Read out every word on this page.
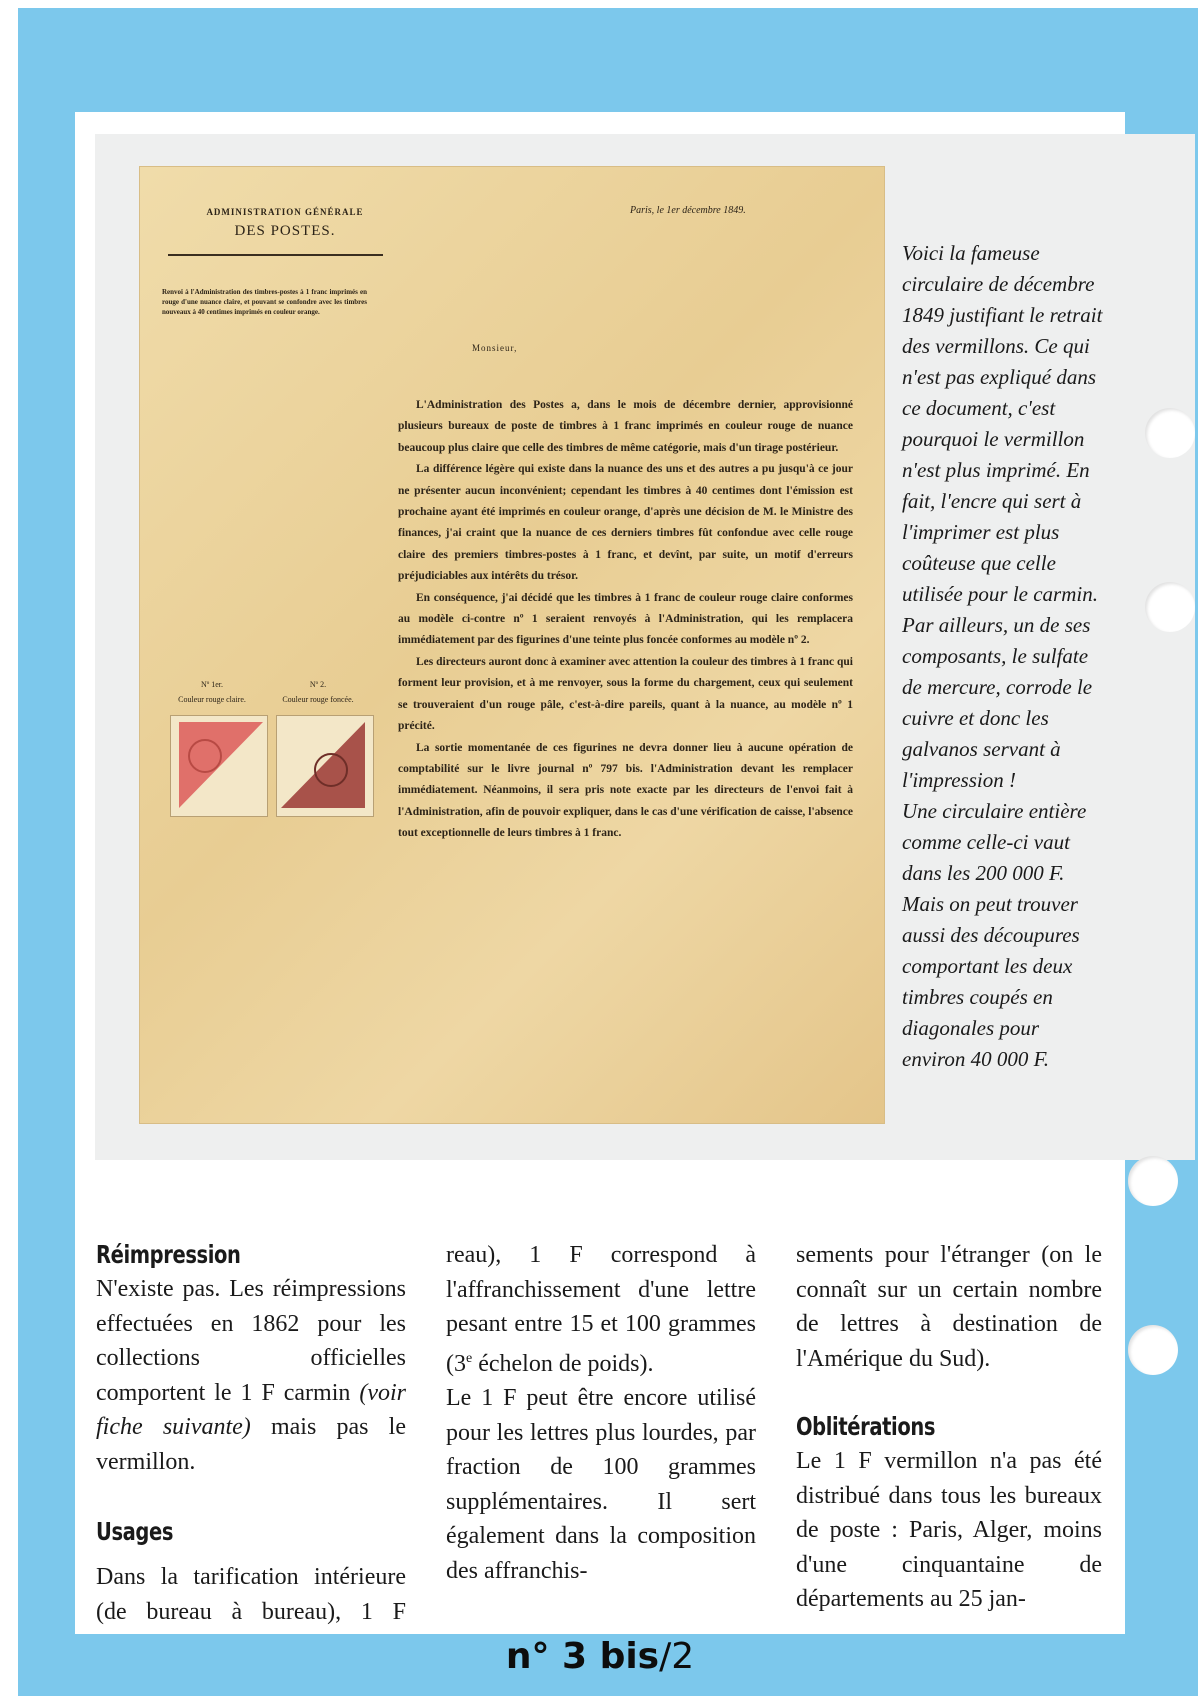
ADMINISTRATION GÉNÉRALE
DES POSTES.
Paris, le 1er décembre 1849.
Renvoi à l'Administration des timbres-postes à 1 franc imprimés en rouge d'une nuance claire, et pouvant se confondre avec les timbres nouveaux à 40 centimes imprimés en couleur orange.
Monsieur,

L'Administration des Postes a, dans le mois de décembre dernier, approvisionné plusieurs bureaux de poste de timbres à 1 franc imprimés en couleur rouge de nuance beaucoup plus claire que celle des timbres de même catégorie, mais d'un tirage postérieur.

La différence légère qui existe dans la nuance des uns et des autres a pu jusqu'à ce jour ne présenter aucun inconvénient; cependant les timbres à 40 centimes dont l'émission est prochaine ayant été imprimés en couleur orange, d'après une décision de M. le Ministre des finances, j'ai craint que la nuance de ces derniers timbres fût confondue avec celle rouge claire des premiers timbres-postes à 1 franc, et devînt, par suite, un motif d'erreurs préjudiciables aux intérêts du trésor.

En conséquence, j'ai décidé que les timbres à 1 franc de couleur rouge claire conformes au modèle ci-contre nº 1 seraient renvoyés à l'Administration, qui les remplacera immédiatement par des figurines d'une teinte plus foncée conformes au modèle nº 2.

Les directeurs auront donc à examiner avec attention la couleur des timbres à 1 franc qui forment leur provision, et à me renvoyer, sous la forme du chargement, ceux qui seulement se trouveraient d'un rouge pâle, c'est-à-dire pareils, quant à la nuance, au modèle nº 1 précité.

La sortie momentanée de ces figurines ne devra donner lieu à aucune opération de comptabilité sur le livre journal nº 797 bis. l'Administration devant les remplacer immédiatement. Néanmoins, il sera pris note exacte par les directeurs de l'envoi fait à l'Administration, afin de pouvoir expliquer, dans le cas d'une vérification de caisse, l'absence tout exceptionnelle de leurs timbres à 1 franc.

Nº 1er.
Couleur rouge claire.
Nº 2.
Couleur rouge foncée.

Voici la fameuse circulaire de décembre 1849 justifiant le retrait des vermillons. Ce qui n'est pas expliqué dans ce document, c'est pourquoi le vermillon n'est plus imprimé. En fait, l'encre qui sert à l'imprimer est plus coûteuse que celle utilisée pour le carmin. Par ailleurs, un de ses composants, le sulfate de mercure, corrode le cuivre et donc les galvanos servant à l'impression !

Une circulaire entière comme celle-ci vaut dans les 200 000 F.

Mais on peut trouver aussi des découpures comportant les deux timbres coupés en diagonales pour environ 40 000 F.

Réimpression

N'existe pas. Les réimpressions effectuées en 1862 pour les collections officielles comportent le 1 F carmin (voir fiche suivante) mais pas le vermillon.

Usages

Dans la tarification intérieure (de bureau à bureau), 1 F

reau), 1 F correspond à l'affranchissement d'une lettre pesant entre 15 et 100 grammes (3e échelon de poids).

Le 1 F peut être encore utilisé pour les lettres plus lourdes, par fraction de 100 grammes supplémentaires. Il sert également dans la composition des affranchis-

sements pour l'étranger (on le connaît sur un certain nombre de lettres à destination de l'Amérique du Sud).

Oblitérations

Le 1 F vermillon n'a pas été distribué dans tous les bureaux de poste : Paris, Alger, moins d'une cinquantaine de départements au 25 jan-

n° 3 bis/2
